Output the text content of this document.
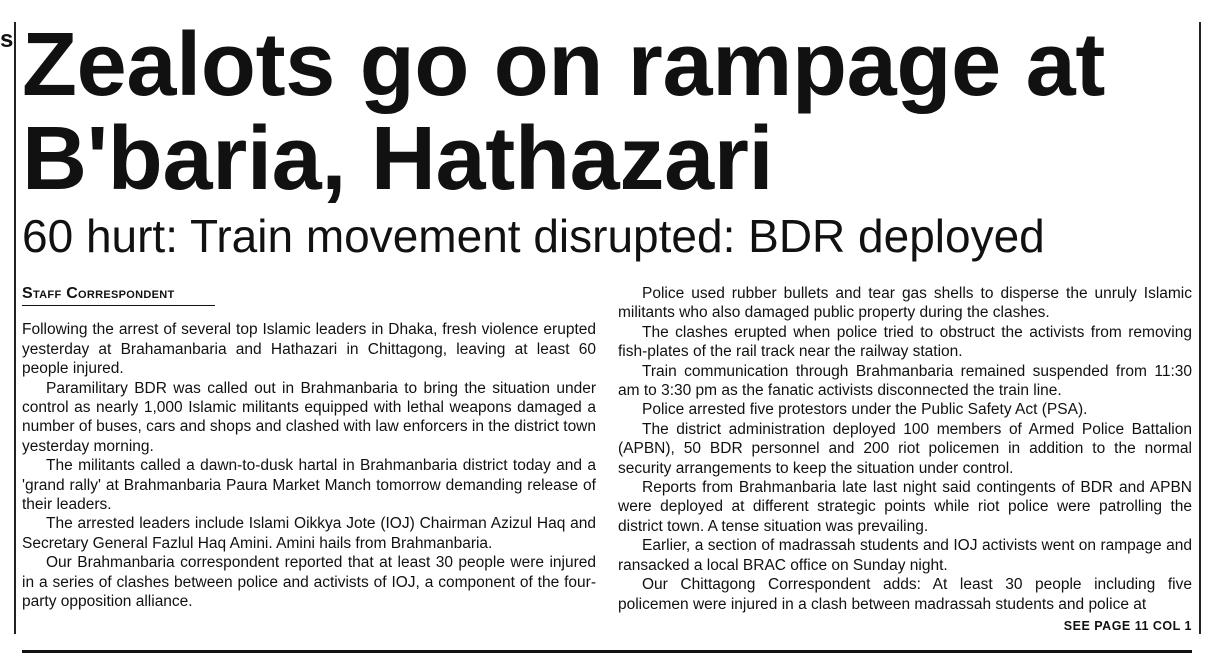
s Zealots go on rampage at B'baria, Hathazari
60 hurt: Train movement disrupted: BDR deployed
Staff Correspondent

Following the arrest of several top Islamic leaders in Dhaka, fresh violence erupted yesterday at Brahamanbaria and Hathazari in Chittagong, leaving at least 60 people injured.

Paramilitary BDR was called out in Brahmanbaria to bring the situation under control as nearly 1,000 Islamic militants equipped with lethal weapons damaged a number of buses, cars and shops and clashed with law enforcers in the district town yesterday morning.

The militants called a dawn-to-dusk hartal in Brahmanbaria district today and a 'grand rally' at Brahmanbaria Paura Market Manch tomorrow demanding release of their leaders.

The arrested leaders include Islami Oikkya Jote (IOJ) Chairman Azizul Haq and Secretary General Fazlul Haq Amini. Amini hails from Brahmanbaria.

Our Brahmanbaria correspondent reported that at least 30 people were injured in a series of clashes between police and activists of IOJ, a component of the four-party opposition alliance.

Police used rubber bullets and tear gas shells to disperse the unruly Islamic militants who also damaged public property during the clashes.

The clashes erupted when police tried to obstruct the activists from removing fish-plates of the rail track near the railway station.

Train communication through Brahmanbaria remained suspended from 11:30 am to 3:30 pm as the fanatic activists disconnected the train line.

Police arrested five protestors under the Public Safety Act (PSA).

The district administration deployed 100 members of Armed Police Battalion (APBN), 50 BDR personnel and 200 riot policemen in addition to the normal security arrangements to keep the situation under control.

Reports from Brahmanbaria late last night said contingents of BDR and APBN were deployed at different strategic points while riot police were patrolling the district town. A tense situation was prevailing.

Earlier, a section of madrassah students and IOJ activists went on rampage and ransacked a local BRAC office on Sunday night.

Our Chittagong Correspondent adds: At least 30 people including five policemen were injured in a clash between madrassah students and police at

SEE PAGE 11 COL 1
